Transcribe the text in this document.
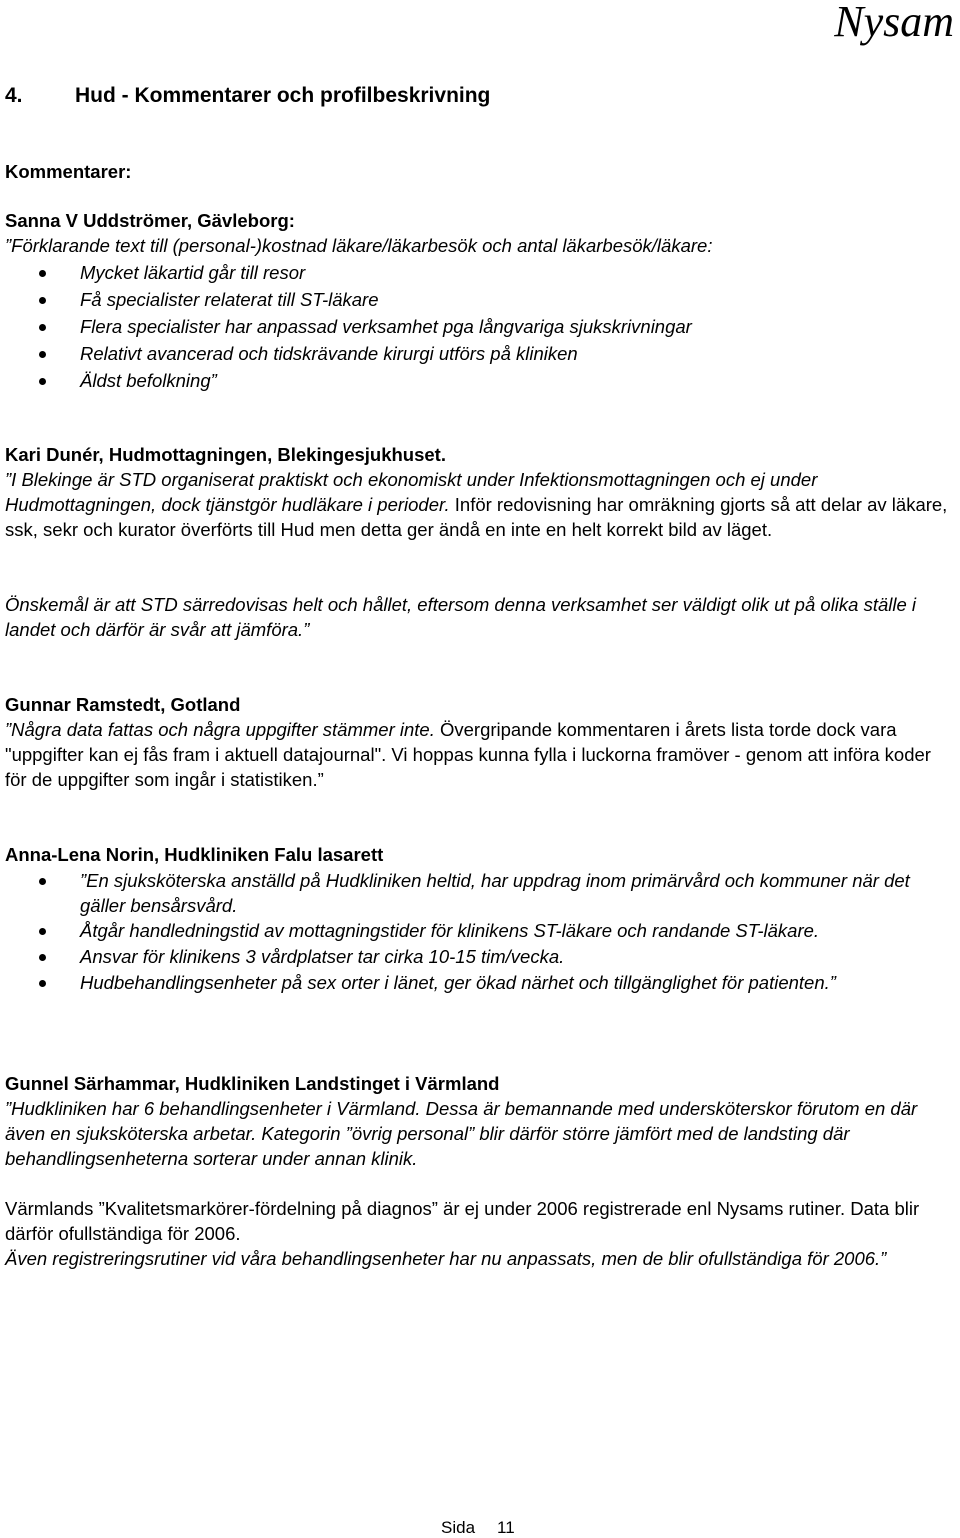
Nysam
4. Hud - Kommentarer och profilbeskrivning
Kommentarer:
Sanna V Uddströmer, Gävleborg:
”Förklarande text till (personal-)kostnad läkare/läkarbesök och antal läkarbesök/läkare:
Mycket läkartid går till resor
Få specialister relaterat till ST-läkare
Flera specialister har anpassad verksamhet pga långvariga sjukskrivningar
Relativt avancerad och tidskrävande kirurgi utförs på kliniken
Äldst befolkning”
Kari Dunér, Hudmottagningen, Blekingesjukhuset.
”I Blekinge är STD organiserat praktiskt och ekonomiskt under Infektionsmottagningen och ej under Hudmottagningen, dock tjänstgör hudläkare i perioder. Inför redovisning har omräkning gjorts så att delar av läkare, ssk, sekr och kurator överförts till Hud men detta ger ändå en inte en helt korrekt bild av läget.
Önskemål är att STD särredovisas helt och hållet, eftersom denna verksamhet ser väldigt olik ut på olika ställe i landet och därför är svår att jämföra.”
Gunnar Ramstedt, Gotland
”Några data fattas och några uppgifter stämmer inte. Övergripande kommentaren i årets lista torde dock vara "uppgifter kan ej fås fram i aktuell datajournal". Vi hoppas kunna fylla i luckorna framöver - genom att införa koder för de uppgifter som ingår i statistiken.”
Anna-Lena Norin, Hudkliniken Falu lasarett
”En sjuksköterska anställd på Hudkliniken heltid, har uppdrag inom primärvård och kommuner när det gäller bensårsvård.
Åtgår handledningstid av mottagningstider för klinikens ST-läkare och randande ST-läkare.
Ansvar för klinikens 3 vårdplatser tar cirka 10-15 tim/vecka.
Hudbehandlingsenheter på sex orter i länet, ger ökad närhet och tillgänglighet för patienten.”
Gunnel Särhammar, Hudkliniken Landstinget i Värmland
”Hudkliniken har 6 behandlingsenheter i Värmland. Dessa är bemannande med undersköterskor förutom en där även en sjuksköterska arbetar. Kategorin ”övrig personal” blir därför större jämfört med de landsting där behandlingsenheterna sorterar under annan klinik.
Värmlands ”Kvalitetsmarkörer-fördelning på diagnos” är ej under 2006 registrerade enl Nysams rutiner. Data blir därför ofullständiga för 2006.
Även registreringsrutiner vid våra behandlingsenheter har nu anpassats, men de blir ofullständiga för 2006.”
Sida 11
